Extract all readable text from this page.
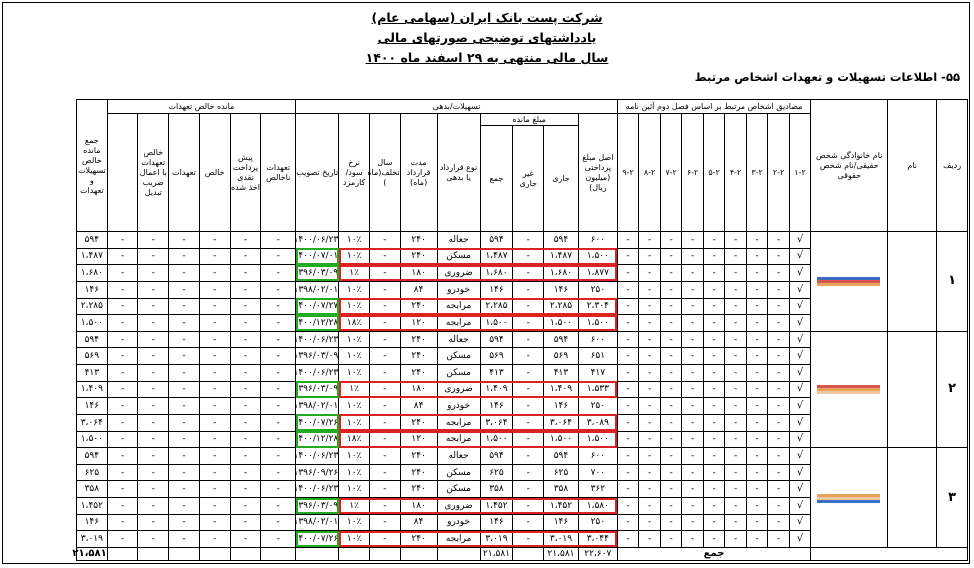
شرکت پست بانک ایران (سهامی عام)
یادداشتهای توضیحی صورتهای مالی
سال مالی منتهی به ۲۹ اسفند ماه ۱۴۰۰
۵۵- اطلاعات تسهیلات و تعهدات اشخاص مرتبط
ردیف	نام	نام خانوادگی شخص حقیقی/نام شخص حقوقی	مصادیق اشخاص مرتبط بر اساس فصل دوم آئین نامه									تسهیلات/بدهی									مانده خالص تعهدات						جمع مانده خالص تسهیلات و تعهدات
			۱-۲	۲-۲	۳-۲	۴-۲	۵-۲	۶-۲	۷-۲	۸-۲	۹-۲	اصل مبلغ پرداختی (میلیون ریال)	مبلغ مانده			نوع قرارداد یا بدهی	مدت قرارداد (ماه)	سال تخلف(ماه )	نرخ سود/کارمزد	تاریخ تصویب	تعهدات ناخالص	پیش پرداخت نقدی اخذ شده	خالص	تعهدات	خالص تعهدات با اعمال ضریب تبدیل		
													جاری	غیر جاری	جمع												
۱			√	-	-	-	-	-	-	-	-	۶۰۰	۵۹۴	-	۵۹۴	جعاله	۲۴۰	-	۱۰٪	۱۴۰۰/۰۶/۲۳	-	-	-	-	-	-	۵۹۴
			√	-	-	-	-	-	-	-	-	۱،۵۰۰	۱،۴۸۷	-	۱،۴۸۷	مسکن	۲۴۰	-	۱۰٪	۱۴۰۰/۰۷/۰۱	-	-	-	-	-	-	۱،۴۸۷
			√	-	-	-	-	-	-	-	-	۱،۸۷۷	۱،۶۸۰	-	۱،۶۸۰	ضروری	۱۸۰	-	۱٪	۱۳۹۶/۰۳/۰۹	-	-	-	-	-	-	۱،۶۸۰
			√	-	-	-	-	-	-	-	-	۲۵۰	۱۴۶	-	۱۴۶	خودرو	۸۴	-	۱۰٪	۱۳۹۸/۰۲/۰۱	-	-	-	-	-	-	۱۴۶
			√	-	-	-	-	-	-	-	-	۲،۳۰۴	۲،۲۸۵	-	۲،۲۸۵	مرابحه	۲۴۰	-	۱۰٪	۱۴۰۰/۰۷/۲۷	-	-	-	-	-	-	۲،۲۸۵
			√	-	-	-	-	-	-	-	-	۱،۵۰۰	۱،۵۰۰	-	۱،۵۰۰	مرابحه	۱۲۰	-	۱۸٪	۱۴۰۰/۱۲/۲۸	-	-	-	-	-	-	۱،۵۰۰
۲			√	-	-	-	-	-	-	-	-	۶۰۰	۵۹۴	-	۵۹۴	جعاله	۲۴۰	-	۱۰٪	۱۴۰۰/۰۶/۲۳	-	-	-	-	-	-	۵۹۴
			√	-	-	-	-	-	-	-	-	۶۵۱	۵۶۹	-	۵۶۹	مسکن	۲۴۰	-	۱۰٪	۱۳۹۶/۰۳/۰۹	-	-	-	-	-	-	۵۶۹
			√	-	-	-	-	-	-	-	-	۴۱۷	۴۱۳	-	۴۱۳	مسکن	۲۴۰	-	۱۰٪	۱۴۰۰/۰۶/۲۳	-	-	-	-	-	-	۴۱۳
			√	-	-	-	-	-	-	-	-	۱،۵۳۳	۱،۴۰۹	-	۱،۴۰۹	ضروری	۱۸۰	-	۱٪	۱۳۹۶/۰۳/۰۹	-	-	-	-	-	-	۱،۴۰۹
			√	-	-	-	-	-	-	-	-	۲۵۰	۱۴۶	-	۱۴۶	خودرو	۸۴	-	۱۰٪	۱۳۹۸/۰۲/۰۱	-	-	-	-	-	-	۱۴۶
			√	-	-	-	-	-	-	-	-	۳،۰۸۹	۳،۰۶۴	-	۳،۰۶۴	مرابحه	۲۴۰	-	۱۰٪	۱۴۰۰/۰۷/۲۶	-	-	-	-	-	-	۳،۰۶۴
			√	-	-	-	-	-	-	-	-	۱،۵۰۰	۱،۵۰۰	-	۱،۵۰۰	مرابحه	۱۲۰	-	۱۸٪	۱۴۰۰/۱۲/۲۸	-	-	-	-	-	-	۱،۵۰۰
۳			√	-	-	-	-	-	-	-	-	۶۰۰	۵۹۴	-	۵۹۴	جعاله	۲۴۰	-	۱۰٪	۱۴۰۰/۰۶/۲۳	-	-	-	-	-	-	۵۹۴
			√	-	-	-	-	-	-	-	-	۷۰۰	۶۲۵	-	۶۲۵	مسکن	۲۴۰	-	۱۰٪	۱۳۹۶/۰۹/۲۶	-	-	-	-	-	-	۶۲۵
			√	-	-	-	-	-	-	-	-	۳۶۲	۳۵۸	-	۳۵۸	مسکن	۲۴۰	-	۱۰٪	۱۴۰۰/۰۶/۲۳	-	-	-	-	-	-	۳۵۸
			√	-	-	-	-	-	-	-	-	۱،۵۸۰	۱،۴۵۲	-	۱،۴۵۲	ضروری	۱۸۰	-	۱٪	۱۳۹۶/۰۳/۰۹	-	-	-	-	-	-	۱،۴۵۲
			√	-	-	-	-	-	-	-	-	۲۵۰	۱۴۶	-	۱۴۶	خودرو	۸۴	-	۱۰٪	۱۳۹۸/۰۲/۰۱	-	-	-	-	-	-	۱۴۶
			√	-	-	-	-	-	-	-	-	۳،۰۴۴	۳،۰۱۹	-	۳،۰۱۹	مرابحه	۲۴۰	-	۱۰٪	۱۴۰۰/۰۷/۲۶	-	-	-	-	-	-	۳،۰۱۹
			جمع									۲۲،۶۰۷	۲۱،۵۸۱		۲۱،۵۸۱												۲۱،۵۸۱
